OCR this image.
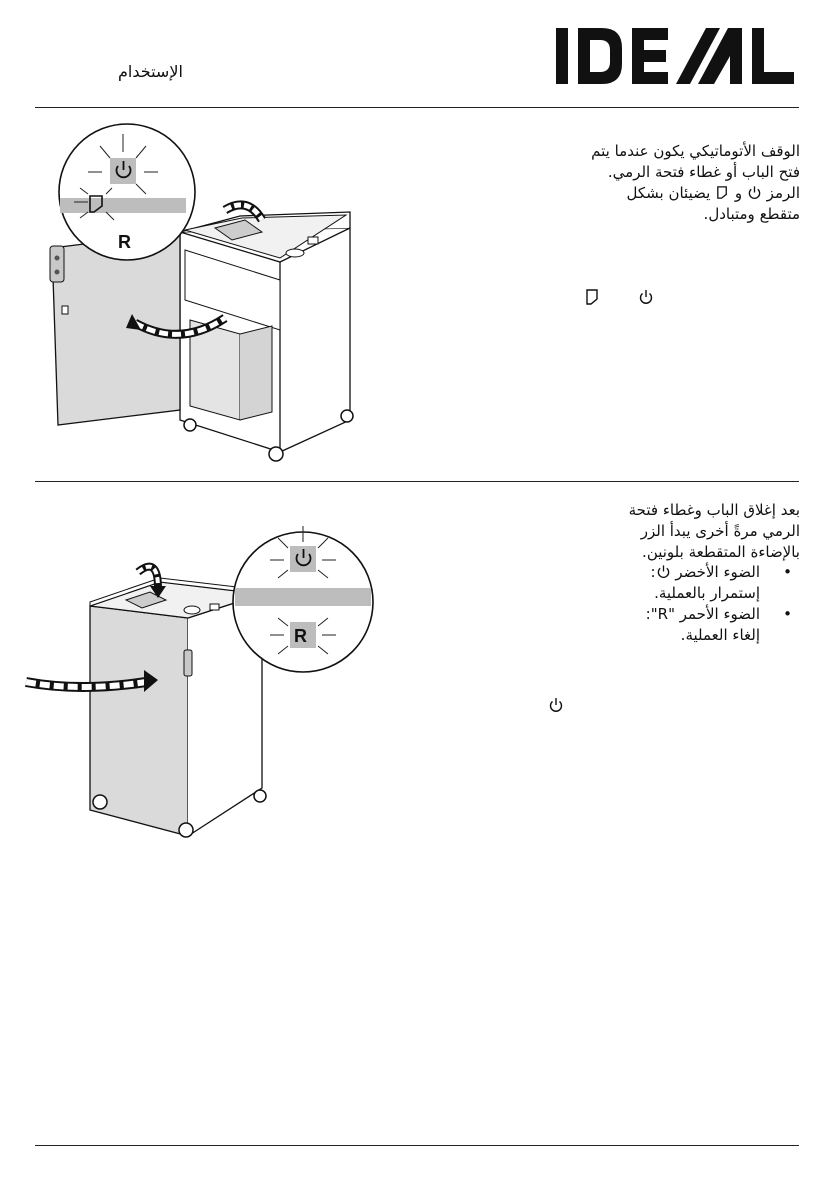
الإستخدام
R
الوقف الأتوماتيكي يكون عندما يتم
فتح الباب أو غطاء فتحة الرمي.
الرمز  و  يضيئان بشكل
متقطع ومتبادل.
R
بعد إغلاق الباب وغطاء فتحة
الرمي مرةً أخرى يبدأ الزر
بالإضاءة المتقطعة بلونين.
•
الضوء الأخضر :
إستمرار بالعملية.
•
الضوء الأحمر "R":
إلغاء العملية.
